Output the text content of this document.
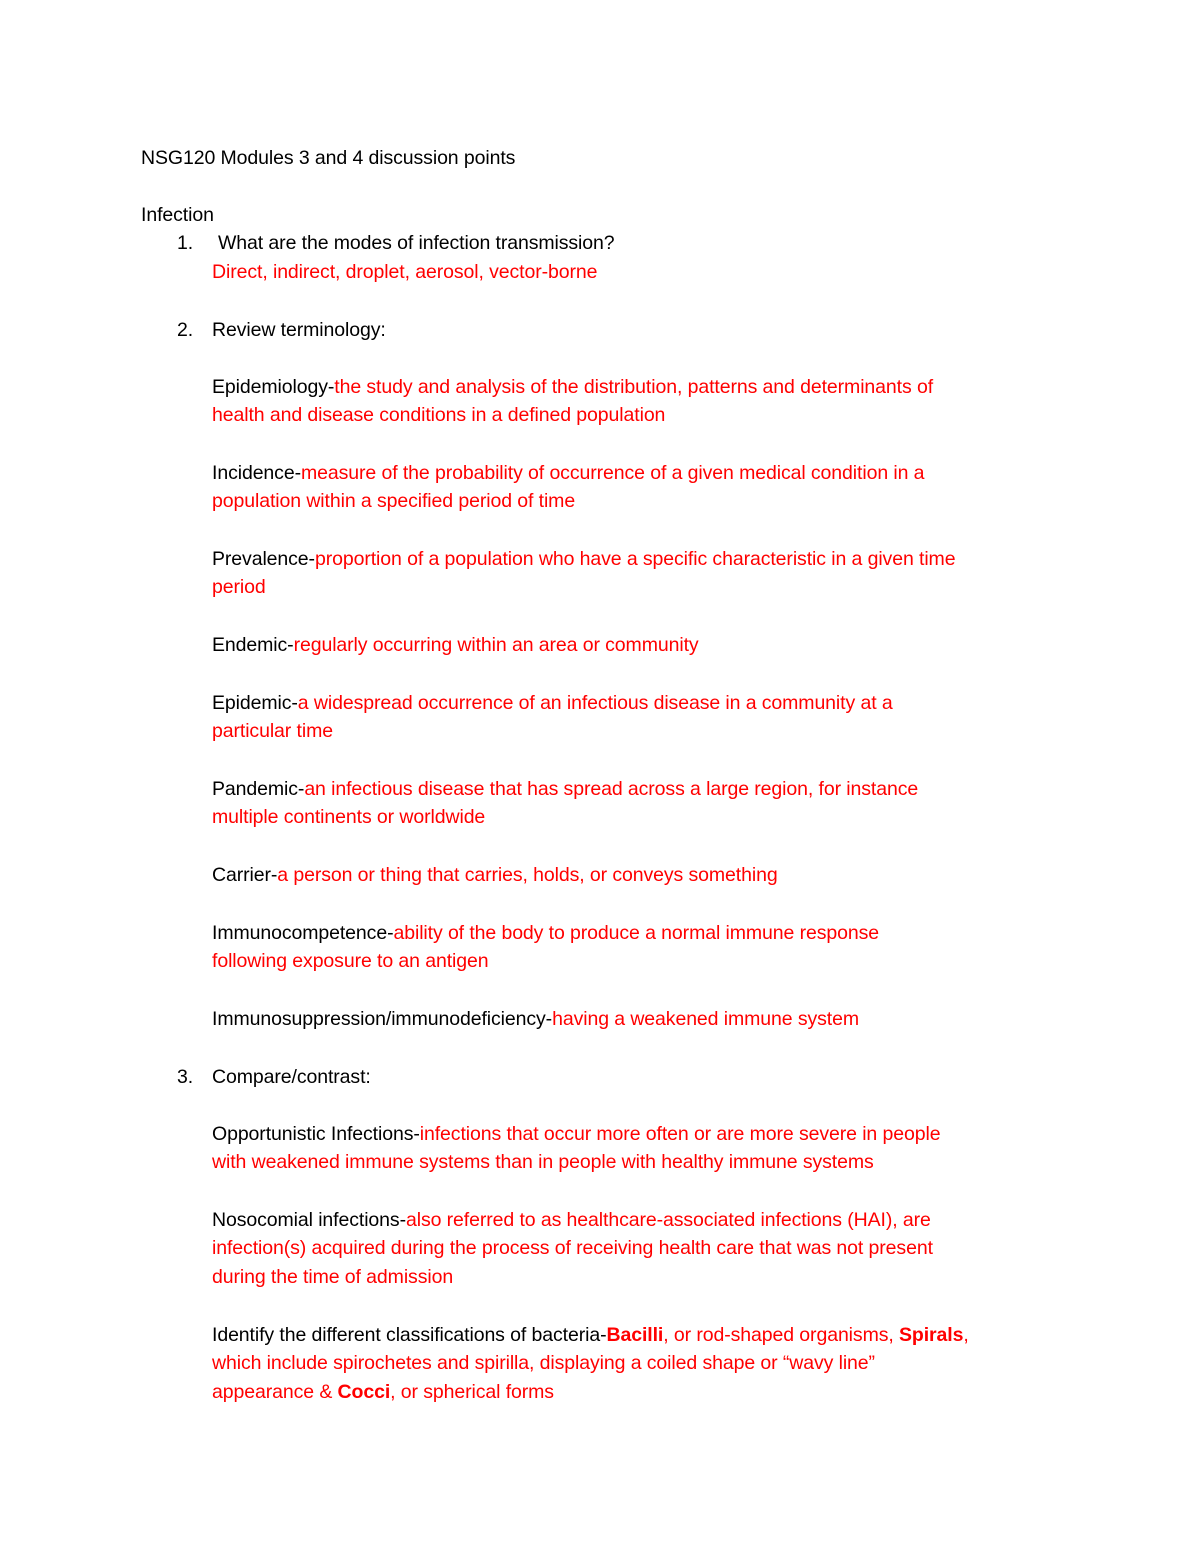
NSG120 Modules 3 and 4 discussion points
Infection
1. What are the modes of infection transmission?
Direct, indirect, droplet, aerosol, vector-borne
2. Review terminology:
Epidemiology-the study and analysis of the distribution, patterns and determinants of
health and disease conditions in a defined population
Incidence-measure of the probability of occurrence of a given medical condition in a
population within a specified period of time
Prevalence-proportion of a population who have a specific characteristic in a given time
period
Endemic-regularly occurring within an area or community
Epidemic-a widespread occurrence of an infectious disease in a community at a
particular time
Pandemic-an infectious disease that has spread across a large region, for instance
multiple continents or worldwide
Carrier-a person or thing that carries, holds, or conveys something
Immunocompetence-ability of the body to produce a normal immune response
following exposure to an antigen
Immunosuppression/immunodeficiency-having a weakened immune system
3. Compare/contrast:
Opportunistic Infections-infections that occur more often or are more severe in people
with weakened immune systems than in people with healthy immune systems
Nosocomial infections-also referred to as healthcare-associated infections (HAI), are
infection(s) acquired during the process of receiving health care that was not present
during the time of admission
Identify the different classifications of bacteria-Bacilli, or rod-shaped organisms, Spirals,
which include spirochetes and spirilla, displaying a coiled shape or “wavy line”
appearance & Cocci, or spherical forms
